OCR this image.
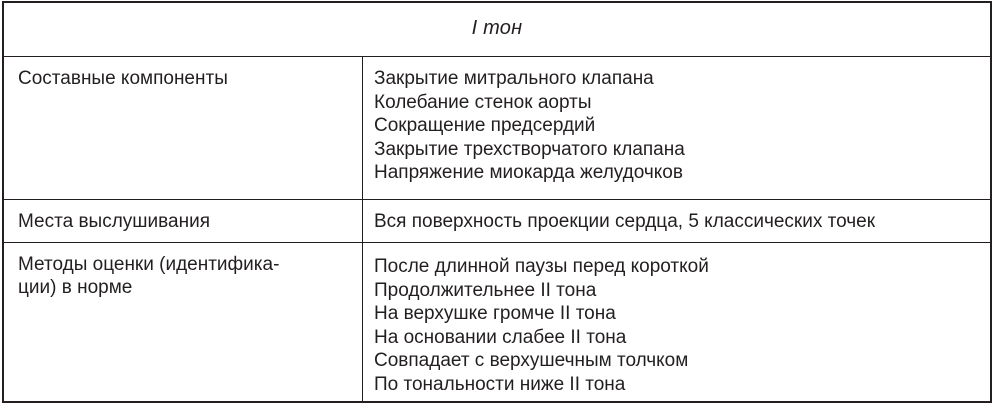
I тон
Составные компоненты	Закрытие митрального клапана
Колебание стенок аорты
Сокращение предсердий
Закрытие трехстворчатого клапана
Напряжение миокарда желудочков
Места выслушивания	Вся поверхность проекции сердца, 5 классических точек
Методы оценки (идентифика-
ции) в норме
После длинной паузы перед короткой
Продолжительнее II тона
На верхушке громче II тона
На основании слабее II тона
Совпадает с верхушечным толчком
По тональности ниже II тона
